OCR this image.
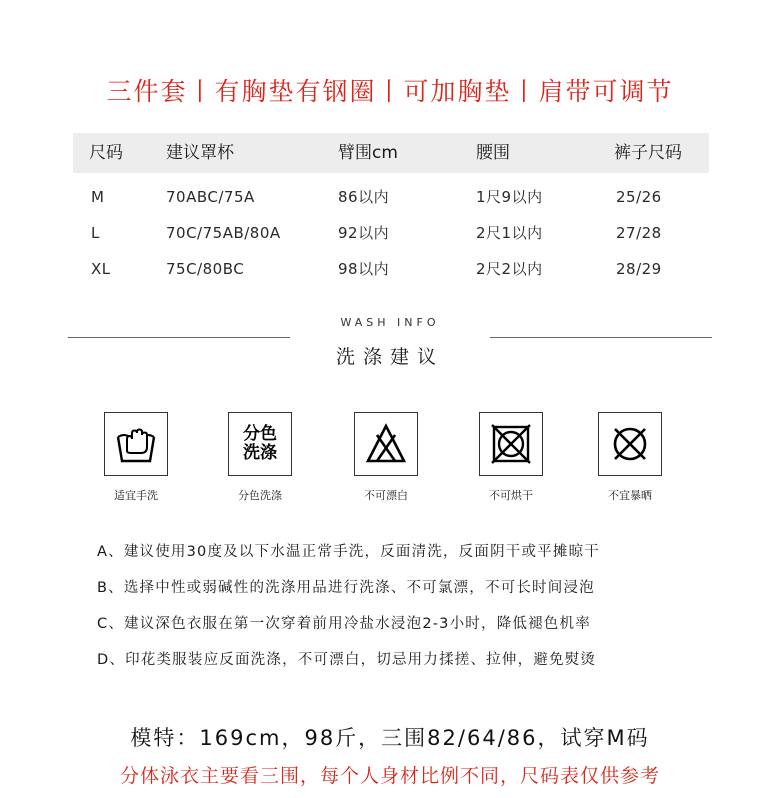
三件套丨有胸垫有钢圈丨可加胸垫丨肩带可调节
尺码	建议罩杯	臂围cm	腰围	裤子尺码
M	70ABC/75A	86以内	1尺9以内	25/26
L	70C/75AB/80A	92以内	2尺1以内	27/28
XL	75C/80BC	98以内	2尺2以内	28/29
WASH INFO
洗涤建议
适宜手洗
分色
洗涤
分色洗涤	不可漂白	不可烘干	不宜暴晒
A、建议使用30度及以下水温正常手洗，反面清洗，反面阴干或平摊晾干
B、选择中性或弱碱性的洗涤用品进行洗涤、不可氯漂，不可长时间浸泡
C、建议深色衣服在第一次穿着前用冷盐水浸泡2-3小时，降低褪色机率
D、印花类服装应反面洗涤，不可漂白，切忌用力揉搓、拉伸，避免熨烫
模特：169cm，98斤，三围82/64/86，试穿M码
分体泳衣主要看三围，每个人身材比例不同，尺码表仅供参考
